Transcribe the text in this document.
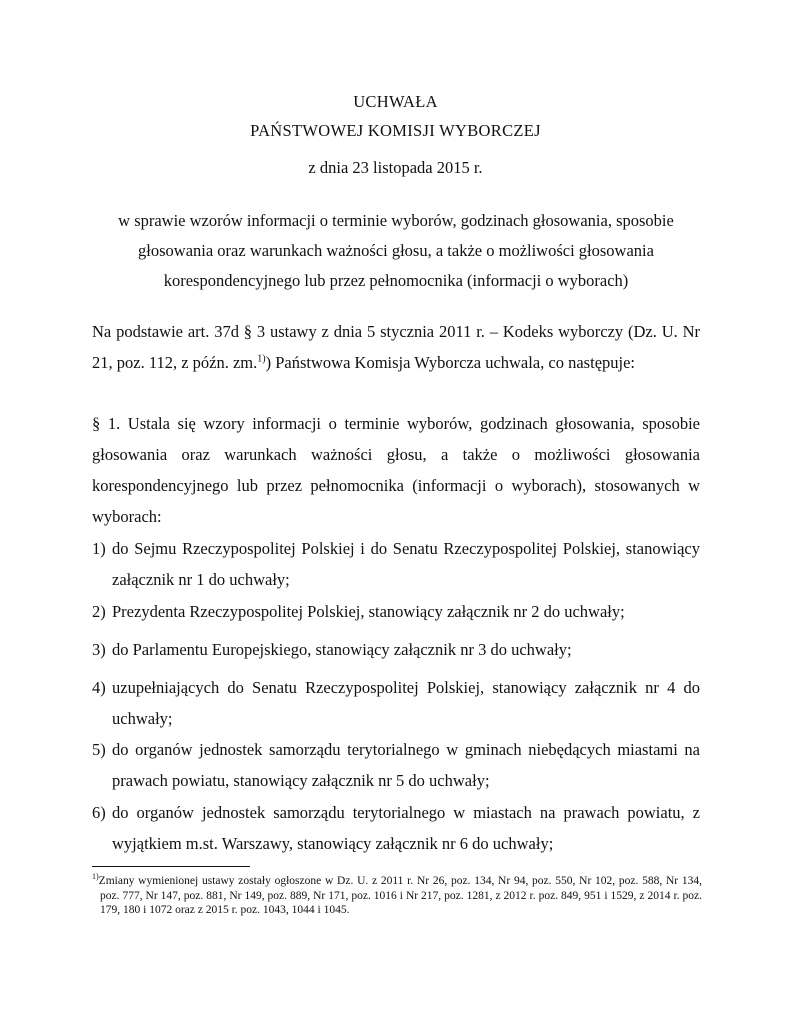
UCHWAŁA
PAŃSTWOWEJ KOMISJI WYBORCZEJ
z dnia 23 listopada 2015 r.
w sprawie wzorów informacji o terminie wyborów, godzinach głosowania, sposobie głosowania oraz warunkach ważności głosu, a także o możliwości głosowania korespondencyjnego lub przez pełnomocnika (informacji o wyborach)
Na podstawie art. 37d § 3 ustawy z dnia 5 stycznia 2011 r. – Kodeks wyborczy (Dz. U. Nr 21, poz. 112, z późn. zm.$^{1)}$) Państwowa Komisja Wyborcza uchwala, co następuje:
§ 1. Ustala się wzory informacji o terminie wyborów, godzinach głosowania, sposobie głosowania oraz warunkach ważności głosu, a także o możliwości głosowania korespondencyjnego lub przez pełnomocnika (informacji o wyborach), stosowanych w wyborach:
1) do Sejmu Rzeczypospolitej Polskiej i do Senatu Rzeczypospolitej Polskiej, stanowiący załącznik nr 1 do uchwały;
2) Prezydenta Rzeczypospolitej Polskiej, stanowiący załącznik nr 2 do uchwały;
3) do Parlamentu Europejskiego, stanowiący załącznik nr 3 do uchwały;
4) uzupełniających do Senatu Rzeczypospolitej Polskiej, stanowiący załącznik nr 4 do uchwały;
5) do organów jednostek samorządu terytorialnego w gminach niebędących miastami na prawach powiatu, stanowiący załącznik nr 5 do uchwały;
6) do organów jednostek samorządu terytorialnego w miastach na prawach powiatu, z wyjątkiem m.st. Warszawy, stanowiący załącznik nr 6 do uchwały;
$^{1)}$Zmiany wymienionej ustawy zostały ogłoszone w Dz. U. z 2011 r. Nr 26, poz. 134, Nr 94, poz. 550, Nr 102, poz. 588, Nr 134, poz. 777, Nr 147, poz. 881, Nr 149, poz. 889, Nr 171, poz. 1016 i Nr 217, poz. 1281, z 2012 r. poz. 849, 951 i 1529, z 2014 r. poz. 179, 180 i 1072 oraz z 2015 r. poz. 1043, 1044 i 1045.
